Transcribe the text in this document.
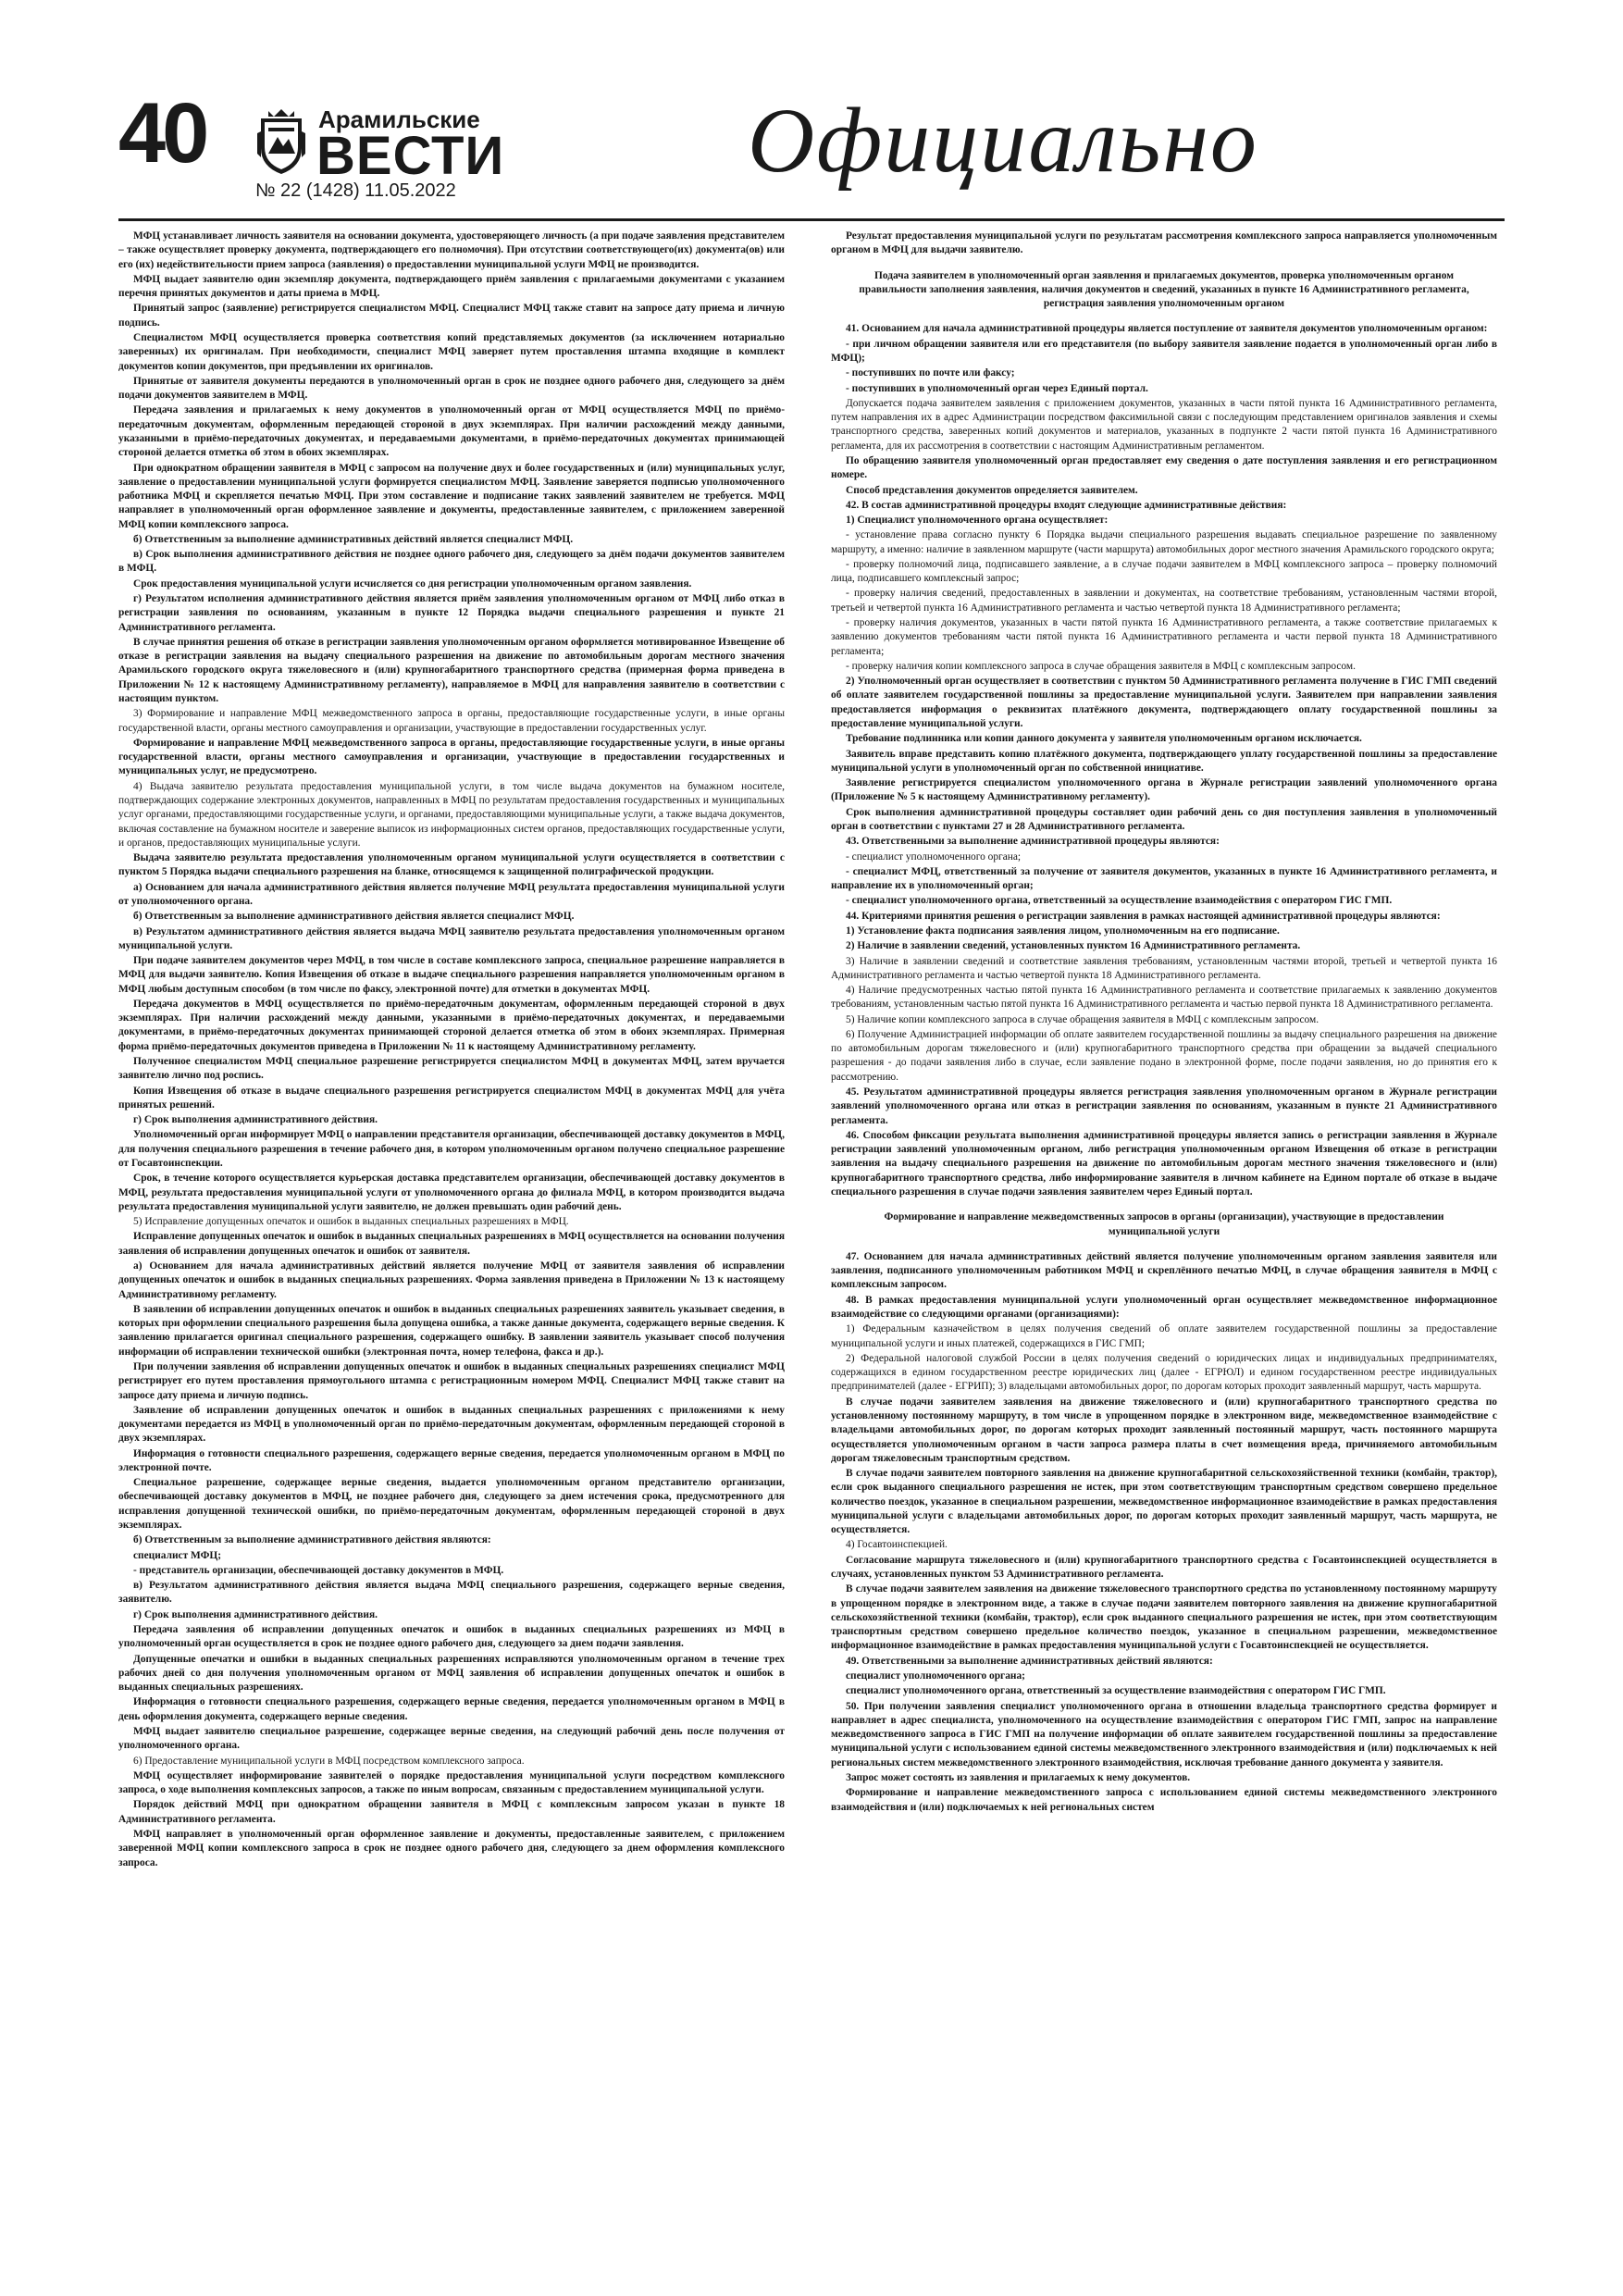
40	Арамильские
ВЕСТИ
№ 22 (1428) 11.05.2022	Официально

МФЦ устанавливает личность заявителя на основании документа, удостоверяющего личность (а при подаче заявления представителем – также осуществляет проверку документа, подтверждающего его полномочия). При отсутствии соответствующего(их) документа(ов) или его (их) недействительности прием запроса (заявления) о предоставлении муниципальной услуги МФЦ не производится.

МФЦ выдает заявителю один экземпляр документа, подтверждающего приём заявления с прилагаемыми документами с указанием перечня принятых документов и даты приема в МФЦ.

Принятый запрос (заявление) регистрируется специалистом МФЦ. Специалист МФЦ также ставит на запросе дату приема и личную подпись.

Специалистом МФЦ осуществляется проверка соответствия копий представляемых документов (за исключением нотариально заверенных) их оригиналам. При необходимости, специалист МФЦ заверяет путем проставления штампа входящие в комплект документов копии документов, при предъявлении их оригиналов.

Принятые от заявителя документы передаются в уполномоченный орган в срок не позднее одного рабочего дня, следующего за днём подачи документов заявителем в МФЦ.

Передача заявления и прилагаемых к нему документов в уполномоченный орган от МФЦ осуществляется МФЦ по приёмо-передаточным документам, оформленным передающей стороной в двух экземплярах. При наличии расхождений между данными, указанными в приёмо-передаточных документах, и передаваемыми документами, в приёмо-передаточных документах принимающей стороной делается отметка об этом в обоих экземплярах.

При однократном обращении заявителя в МФЦ с запросом на получение двух и более государственных и (или) муниципальных услуг, заявление о предоставлении муниципальной услуги формируется специалистом МФЦ. Заявление заверяется подписью уполномоченного работника МФЦ и скрепляется печатью МФЦ. При этом составление и подписание таких заявлений заявителем не требуется. МФЦ направляет в уполномоченный орган оформленное заявление и документы, предоставленные заявителем, с приложением заверенной МФЦ копии комплексного запроса.

б) Ответственным за выполнение административных действий является специалист МФЦ.

в) Срок выполнения административного действия не позднее одного рабочего дня, следующего за днём подачи документов заявителем в МФЦ.

Срок предоставления муниципальной услуги исчисляется со дня регистрации уполномоченным органом заявления.

г) Результатом исполнения административного действия является приём заявления уполномоченным органом от МФЦ либо отказ в регистрации заявления по основаниям, указанным в пункте 12 Порядка выдачи специального разрешения и пункте 21 Административного регламента.

В случае принятия решения об отказе в регистрации заявления уполномоченным органом оформляется мотивированное Извещение об отказе в регистрации заявления на выдачу специального разрешения на движение по автомобильным дорогам местного значения Арамильского городского округа тяжеловесного и (или) крупногабаритного транспортного средства (примерная форма приведена в Приложении № 12 к настоящему Административному регламенту), направляемое в МФЦ для направления заявителю в соответствии с настоящим пунктом.

3) Формирование и направление МФЦ межведомственного запроса в органы, предоставляющие государственные услуги, в иные органы государственной власти, органы местного самоуправления и организации, участвующие в предоставлении государственных услуг.

Формирование и направление МФЦ межведомственного запроса в органы, предоставляющие государственные услуги, в иные органы государственной власти, органы местного самоуправления и организации, участвующие в предоставлении государственных и муниципальных услуг, не предусмотрено.

4) Выдача заявителю результата предоставления муниципальной услуги, в том числе выдача документов на бумажном носителе, подтверждающих содержание электронных документов, направленных в МФЦ по результатам предоставления государственных и муниципальных услуг органами, предоставляющими государственные услуги, и органами, предоставляющими муниципальные услуги, а также выдача документов, включая составление на бумажном носителе и заверение выписок из информационных систем органов, предоставляющих государственные услуги, и органов, предоставляющих муниципальные услуги.

Выдача заявителю результата предоставления уполномоченным органом муниципальной услуги осуществляется в соответствии с пунктом 5 Порядка выдачи специального разрешения на бланке, относящемся к защищенной полиграфической продукции.

а) Основанием для начала административного действия является получение МФЦ результата предоставления муниципальной услуги от уполномоченного органа.

б) Ответственным за выполнение административного действия является специалист МФЦ.

в) Результатом административного действия является выдача МФЦ заявителю результата предоставления уполномоченным органом муниципальной услуги.

При подаче заявителем документов через МФЦ, в том числе в составе комплексного запроса, специальное разрешение направляется в МФЦ для выдачи заявителю. Копия Извещения об отказе в выдаче специального разрешения направляется уполномоченным органом в МФЦ любым доступным способом (в том числе по факсу, электронной почте) для отметки в документах МФЦ.

Передача документов в МФЦ осуществляется по приёмо-передаточным документам, оформленным передающей стороной в двух экземплярах. При наличии расхождений между данными, указанными в приёмо-передаточных документах, и передаваемыми документами, в приёмо-передаточных документах принимающей стороной делается отметка об этом в обоих экземплярах. Примерная форма приёмо-передаточных документов приведена в Приложении № 11 к настоящему Административному регламенту.

Полученное специалистом МФЦ специальное разрешение регистрируется специалистом МФЦ в документах МФЦ, затем вручается заявителю лично под роспись.

Копия Извещения об отказе в выдаче специального разрешения регистрируется специалистом МФЦ в документах МФЦ для учёта принятых решений.

г) Срок выполнения административного действия.

Уполномоченный орган информирует МФЦ о направлении представителя организации, обеспечивающей доставку документов в МФЦ, для получения специального разрешения в течение рабочего дня, в котором уполномоченным органом получено специальное разрешение от Госавтоинспекции.

Срок, в течение которого осуществляется курьерская доставка представителем организации, обеспечивающей доставку документов в МФЦ, результата предоставления муниципальной услуги от уполномоченного органа до филиала МФЦ, в котором производится выдача результата предоставления муниципальной услуги заявителю, не должен превышать один рабочий день.

5) Исправление допущенных опечаток и ошибок в выданных специальных разрешениях в МФЦ.

Исправление допущенных опечаток и ошибок в выданных специальных разрешениях в МФЦ осуществляется на основании получения заявления об исправлении допущенных опечаток и ошибок от заявителя.

а) Основанием для начала административных действий является получение МФЦ от заявителя заявления об исправлении допущенных опечаток и ошибок в выданных специальных разрешениях. Форма заявления приведена в Приложении № 13 к настоящему Административному регламенту.

В заявлении об исправлении допущенных опечаток и ошибок в выданных специальных разрешениях заявитель указывает сведения, в которых при оформлении специального разрешения была допущена ошибка, а также данные документа, содержащего верные сведения. К заявлению прилагается оригинал специального разрешения, содержащего ошибку. В заявлении заявитель указывает способ получения информации об исправлении технической ошибки (электронная почта, номер телефона, факса и др.).

При получении заявления об исправлении допущенных опечаток и ошибок в выданных специальных разрешениях специалист МФЦ регистрирует его путем проставления прямоугольного штампа с регистрационным номером МФЦ. Специалист МФЦ также ставит на запросе дату приема и личную подпись.

Заявление об исправлении допущенных опечаток и ошибок в выданных специальных разрешениях с приложениями к нему документами передается из МФЦ в уполномоченный орган по приёмо-передаточным документам, оформленным передающей стороной в двух экземплярах.

Информация о готовности специального разрешения, содержащего верные сведения, передается уполномоченным органом в МФЦ по электронной почте.

Специальное разрешение, содержащее верные сведения, выдается уполномоченным органом представителю организации, обеспечивающей доставку документов в МФЦ, не позднее рабочего дня, следующего за днем истечения срока, предусмотренного для исправления допущенной технической ошибки, по приёмо-передаточным документам, оформленным передающей стороной в двух экземплярах.

б) Ответственным за выполнение административного действия являются:

специалист МФЦ;

- представитель организации, обеспечивающей доставку документов в МФЦ.

в) Результатом административного действия является выдача МФЦ специального разрешения, содержащего верные сведения, заявителю.

г) Срок выполнения административного действия.

Передача заявления об исправлении допущенных опечаток и ошибок в выданных специальных разрешениях из МФЦ в уполномоченный орган осуществляется в срок не позднее одного рабочего дня, следующего за днем подачи заявления.

Допущенные опечатки и ошибки в выданных специальных разрешениях исправляются уполномоченным органом в течение трех рабочих дней со дня получения уполномоченным органом от МФЦ заявления об исправлении допущенных опечаток и ошибок в выданных специальных разрешениях.

Информация о готовности специального разрешения, содержащего верные сведения, передается уполномоченным органом в МФЦ в день оформления документа, содержащего верные сведения.

МФЦ выдает заявителю специальное разрешение, содержащее верные сведения, на следующий рабочий день после получения от уполномоченного органа.

6) Предоставление муниципальной услуги в МФЦ посредством комплексного запроса.

МФЦ осуществляет информирование заявителей о порядке предоставления муниципальной услуги посредством комплексного запроса, о ходе выполнения комплексных запросов, а также по иным вопросам, связанным с предоставлением муниципальной услуги.

Порядок действий МФЦ при однократном обращении заявителя в МФЦ с комплексным запросом указан в пункте 18 Административного регламента.

МФЦ направляет в уполномоченный орган оформленное заявление и документы, предоставленные заявителем, с приложением заверенной МФЦ копии комплексного запроса в срок не позднее одного рабочего дня, следующего за днем оформления комплексного запроса.

Результат предоставления муниципальной услуги по результатам рассмотрения комплексного запроса направляется уполномоченным органом в МФЦ для выдачи заявителю.

Подача заявителем в уполномоченный орган заявления и прилагаемых документов, проверка уполномоченным органом правильности заполнения заявления, наличия документов и сведений, указанных в пункте 16 Административного регламента, регистрация заявления уполномоченным органом

41. Основанием для начала административной процедуры является поступление от заявителя документов уполномоченным органом:

- при личном обращении заявителя или его представителя (по выбору заявителя заявление подается в уполномоченный орган либо в МФЦ);

- поступивших по почте или факсу;

- поступивших в уполномоченный орган через Единый портал.

Допускается подача заявителем заявления с приложением документов, указанных в части пятой пункта 16 Административного регламента, путем направления их в адрес Администрации посредством факсимильной связи с последующим представлением оригиналов заявления и схемы транспортного средства, заверенных копий документов и материалов, указанных в подпункте 2 части пятой пункта 16 Административного регламента, для их рассмотрения в соответствии с настоящим Административным регламентом.

По обращению заявителя уполномоченный орган предоставляет ему сведения о дате поступления заявления и его регистрационном номере.

Способ представления документов определяется заявителем.

42. В состав административной процедуры входят следующие административные действия:

1) Специалист уполномоченного органа осуществляет:

- установление права согласно пункту 6 Порядка выдачи специального разрешения выдавать специальное разрешение по заявленному маршруту, а именно: наличие в заявленном маршруте (части маршрута) автомобильных дорог местного значения Арамильского городского округа;

- проверку полномочий лица, подписавшего заявление, а в случае подачи заявителем в МФЦ комплексного запроса – проверку полномочий лица, подписавшего комплексный запрос;

- проверку наличия сведений, предоставленных в заявлении и документах, на соответствие требованиям, установленным частями второй, третьей и четвертой пункта 16 Административного регламента и частью четвертой пункта 18 Административного регламента;

- проверку наличия документов, указанных в части пятой пункта 16 Административного регламента, а также соответствие прилагаемых к заявлению документов требованиям части пятой пункта 16 Административного регламента и части первой пункта 18 Административного регламента;

- проверку наличия копии комплексного запроса в случае обращения заявителя в МФЦ с комплексным запросом.

2) Уполномоченный орган осуществляет в соответствии с пунктом 50 Административного регламента получение в ГИС ГМП сведений об оплате заявителем государственной пошлины за предоставление муниципальной услуги. Заявителем при направлении заявления предоставляется информация о реквизитах платёжного документа, подтверждающего оплату государственной пошлины за предоставление муниципальной услуги.

Требование подлинника или копии данного документа у заявителя уполномоченным органом исключается.

Заявитель вправе представить копию платёжного документа, подтверждающего уплату государственной пошлины за предоставление муниципальной услуги в уполномоченный орган по собственной инициативе.

Заявление регистрируется специалистом уполномоченного органа в Журнале регистрации заявлений уполномоченного органа (Приложение № 5 к настоящему Административному регламенту).

Срок выполнения административной процедуры составляет один рабочий день со дня поступления заявления в уполномоченный орган в соответствии с пунктами 27 и 28 Административного регламента.

43. Ответственными за выполнение административной процедуры являются:

- специалист уполномоченного органа;

- специалист МФЦ, ответственный за получение от заявителя документов, указанных в пункте 16 Административного регламента, и направление их в уполномоченный орган;

- специалист уполномоченного органа, ответственный за осуществление взаимодействия с оператором ГИС ГМП.

44. Критериями принятия решения о регистрации заявления в рамках настоящей административной процедуры являются:

1) Установление факта подписания заявления лицом, уполномоченным на его подписание.

2) Наличие в заявлении сведений, установленных пунктом 16 Административного регламента.

3) Наличие в заявлении сведений и соответствие заявления требованиям, установленным частями второй, третьей и четвертой пункта 16 Административного регламента и частью четвертой пункта 18 Административного регламента.

4) Наличие предусмотренных частью пятой пункта 16 Административного регламента и соответствие прилагаемых к заявлению документов требованиям, установленным частью пятой пункта 16 Административного регламента и частью первой пункта 18 Административного регламента.

5) Наличие копии комплексного запроса в случае обращения заявителя в МФЦ с комплексным запросом.

6) Получение Администрацией информации об оплате заявителем государственной пошлины за выдачу специального разрешения на движение по автомобильным дорогам тяжеловесного и (или) крупногабаритного транспортного средства при обращении за выдачей специального разрешения - до подачи заявления либо в случае, если заявление подано в электронной форме, после подачи заявления, но до принятия его к рассмотрению.

45. Результатом административной процедуры является регистрация заявления уполномоченным органом в Журнале регистрации заявлений уполномоченного органа или отказ в регистрации заявления по основаниям, указанным в пункте 21 Административного регламента.

46. Способом фиксации результата выполнения административной процедуры является запись о регистрации заявления в Журнале регистрации заявлений уполномоченным органом, либо регистрация уполномоченным органом Извещения об отказе в регистрации заявления на выдачу специального разрешения на движение по автомобильным дорогам местного значения тяжеловесного и (или) крупногабаритного транспортного средства, либо информирование заявителя в личном кабинете на Едином портале об отказе в выдаче специального разрешения в случае подачи заявления заявителем через Единый портал.

Формирование и направление межведомственных запросов в органы (организации), участвующие в предоставлении муниципальной услуги

47. Основанием для начала административных действий является получение уполномоченным органом заявления заявителя или заявления, подписанного уполномоченным работником МФЦ и скреплённого печатью МФЦ, в случае обращения заявителя в МФЦ с комплексным запросом.

48. В рамках предоставления муниципальной услуги уполномоченный орган осуществляет межведомственное информационное взаимодействие со следующими органами (организациями):

1) Федеральным казначейством в целях получения сведений об оплате заявителем государственной пошлины за предоставление муниципальной услуги и иных платежей, содержащихся в ГИС ГМП;

2) Федеральной налоговой службой России в целях получения сведений о юридических лицах и индивидуальных предпринимателях, содержащихся в едином государственном реестре юридических лиц (далее - ЕГРЮЛ) и едином государственном реестре индивидуальных предпринимателей (далее - ЕГРИП); 3) владельцами автомобильных дорог, по дорогам которых проходит заявленный маршрут, часть маршрута.

В случае подачи заявителем заявления на движение тяжеловесного и (или) крупногабаритного транспортного средства по установленному постоянному маршруту, в том числе в упрощенном порядке в электронном виде, межведомственное взаимодействие с владельцами автомобильных дорог, по дорогам которых проходит заявленный постоянный маршрут, часть постоянного маршрута осуществляется уполномоченным органом в части запроса размера платы в счет возмещения вреда, причиняемого автомобильным дорогам тяжеловесным транспортным средством.

В случае подачи заявителем повторного заявления на движение крупногабаритной сельскохозяйственной техники (комбайн, трактор), если срок выданного специального разрешения не истек, при этом соответствующим транспортным средством совершено предельное количество поездок, указанное в специальном разрешении, межведомственное информационное взаимодействие в рамках предоставления муниципальной услуги с владельцами автомобильных дорог, по дорогам которых проходит заявленный маршрут, часть маршрута, не осуществляется.

4) Госавтоинспекцией.

Согласование маршрута тяжеловесного и (или) крупногабаритного транспортного средства с Госавтоинспекцией осуществляется в случаях, установленных пунктом 53 Административного регламента.

В случае подачи заявителем заявления на движение тяжеловесного транспортного средства по установленному постоянному маршруту в упрощенном порядке в электронном виде, а также в случае подачи заявителем повторного заявления на движение крупногабаритной сельскохозяйственной техники (комбайн, трактор), если срок выданного специального разрешения не истек, при этом соответствующим транспортным средством совершено предельное количество поездок, указанное в специальном разрешении, межведомственное информационное взаимодействие в рамках предоставления муниципальной услуги с Госавтоинспекцией не осуществляется.

49. Ответственными за выполнение административных действий являются:

специалист уполномоченного органа;

специалист уполномоченного органа, ответственный за осуществление взаимодействия с оператором ГИС ГМП.

50. При получении заявления специалист уполномоченного органа в отношении владельца транспортного средства формирует и направляет в адрес специалиста, уполномоченного на осуществление взаимодействия с оператором ГИС ГМП, запрос на направление межведомственного запроса в ГИС ГМП на получение информации об оплате заявителем государственной пошлины за предоставление муниципальной услуги с использованием единой системы межведомственного электронного взаимодействия и (или) подключаемых к ней региональных систем межведомственного электронного взаимодействия, исключая требование данного документа у заявителя.

Запрос может состоять из заявления и прилагаемых к нему документов.

Формирование и направление межведомственного запроса с использованием единой системы межведомственного электронного взаимодействия и (или) подключаемых к ней региональных систем
